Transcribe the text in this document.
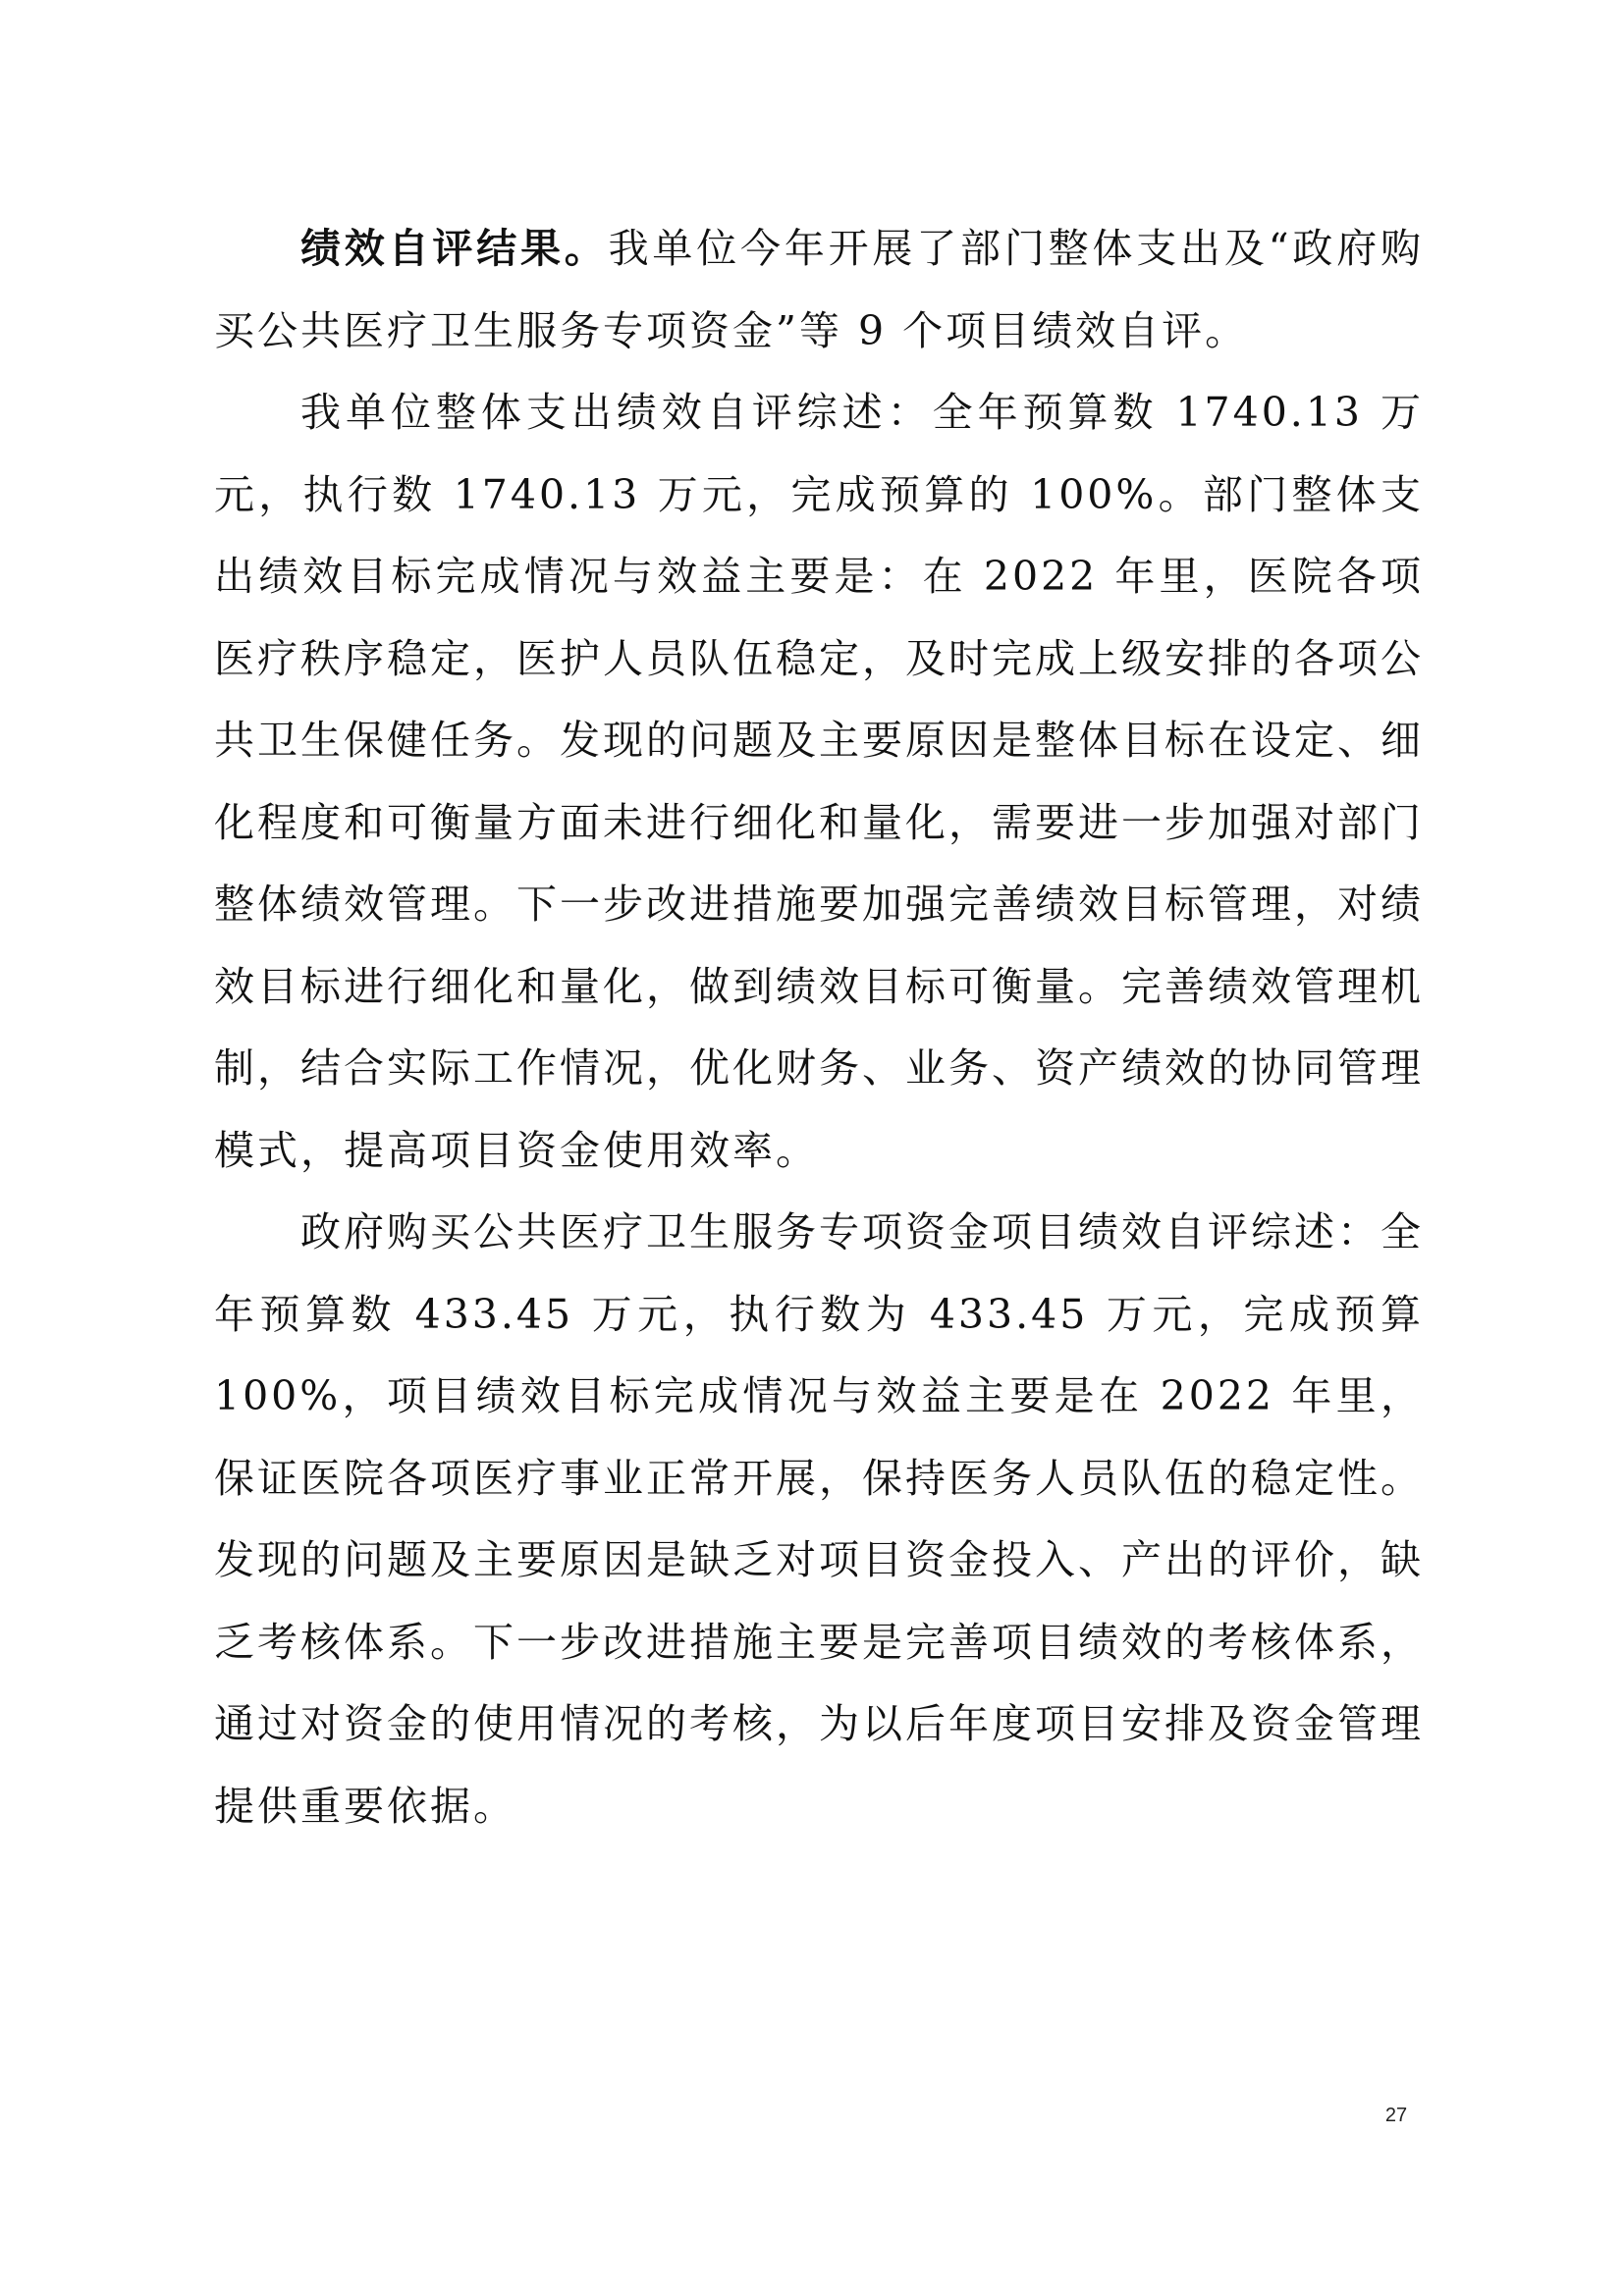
绩效自评结果。我单位今年开展了部门整体支出及“政府购买公共医疗卫生服务专项资金”等 9 个项目绩效自评。

我单位整体支出绩效自评综述：全年预算数 1740.13 万元，执行数 1740.13 万元，完成预算的 100%。部门整体支出绩效目标完成情况与效益主要是：在 2022 年里，医院各项医疗秩序稳定，医护人员队伍稳定，及时完成上级安排的各项公共卫生保健任务。发现的问题及主要原因是整体目标在设定、细化程度和可衡量方面未进行细化和量化，需要进一步加强对部门整体绩效管理。下一步改进措施要加强完善绩效目标管理，对绩效目标进行细化和量化，做到绩效目标可衡量。完善绩效管理机制，结合实际工作情况，优化财务、业务、资产绩效的协同管理模式，提高项目资金使用效率。

政府购买公共医疗卫生服务专项资金项目绩效自评综述：全年预算数 433.45 万元，执行数为 433.45 万元，完成预算 100%，项目绩效目标完成情况与效益主要是在 2022 年里，保证医院各项医疗事业正常开展，保持医务人员队伍的稳定性。发现的问题及主要原因是缺乏对项目资金投入、产出的评价，缺乏考核体系。下一步改进措施主要是完善项目绩效的考核体系，通过对资金的使用情况的考核，为以后年度项目安排及资金管理提供重要依据。

27
